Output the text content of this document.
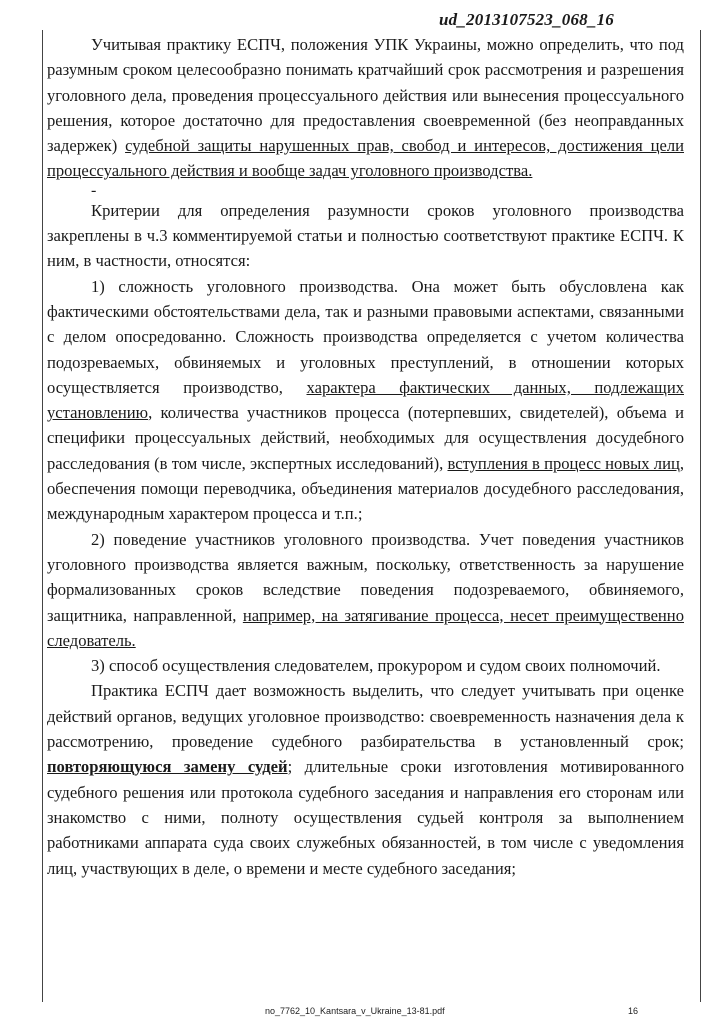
ud_2013107523_068_16

Учитывая практику ЕСПЧ, положения УПК Украины, можно определить, что под разумным сроком целесообразно понимать кратчайший срок рассмотрения и разрешения уголовного дела, проведения процессуального действия или вынесения процессуального решения, которое достаточно для предоставления своевременной (без неоправданных задержек) судебной защиты нарушенных прав, свобод и интересов, достижения цели процессуального действия и вообще задач уголовного производства.

-

Критерии для определения разумности сроков уголовного производства закреплены в ч.3 комментируемой статьи и полностью соответствуют практике ЕСПЧ. К ним, в частности, относятся:

1) сложность уголовного производства. Она может быть обусловлена как фактическими обстоятельствами дела, так и разными правовыми аспектами, связанными с делом опосредованно. Сложность производства определяется с учетом количества подозреваемых, обвиняемых и уголовных преступлений, в отношении которых осуществляется производство, характера фактических данных, подлежащих установлению, количества участников процесса (потерпевших, свидетелей), объема и специфики процессуальных действий, необходимых для осуществления досудебного расследования (в том числе, экспертных исследований), вступления в процесс новых лиц, обеспечения помощи переводчика, объединения материалов досудебного расследования, международным характером процесса и т.п.;

2) поведение участников уголовного производства. Учет поведения участников уголовного производства является важным, поскольку, ответственность за нарушение формализованных сроков вследствие поведения подозреваемого, обвиняемого, защитника, направленной, например, на затягивание процесса, несет преимущественно следователь.

3) способ осуществления следователем, прокурором и судом своих полномочий.

Практика ЕСПЧ дает возможность выделить, что следует учитывать при оценке действий органов, ведущих уголовное производство: своевременность назначения дела к рассмотрению, проведение судебного разбирательства в установленный срок; повторяющуюся замену судей; длительные сроки изготовления мотивированного судебного решения или протокола судебного заседания и направления его сторонам или знакомство с ними, полноту осуществления судьей контроля за выполнением работниками аппарата суда своих служебных обязанностей, в том числе с уведомления лиц, участвующих в деле, о времени и месте судебного заседания;

no_7762_10_Kantsara_v_Ukraine_13-81.pdf	16
